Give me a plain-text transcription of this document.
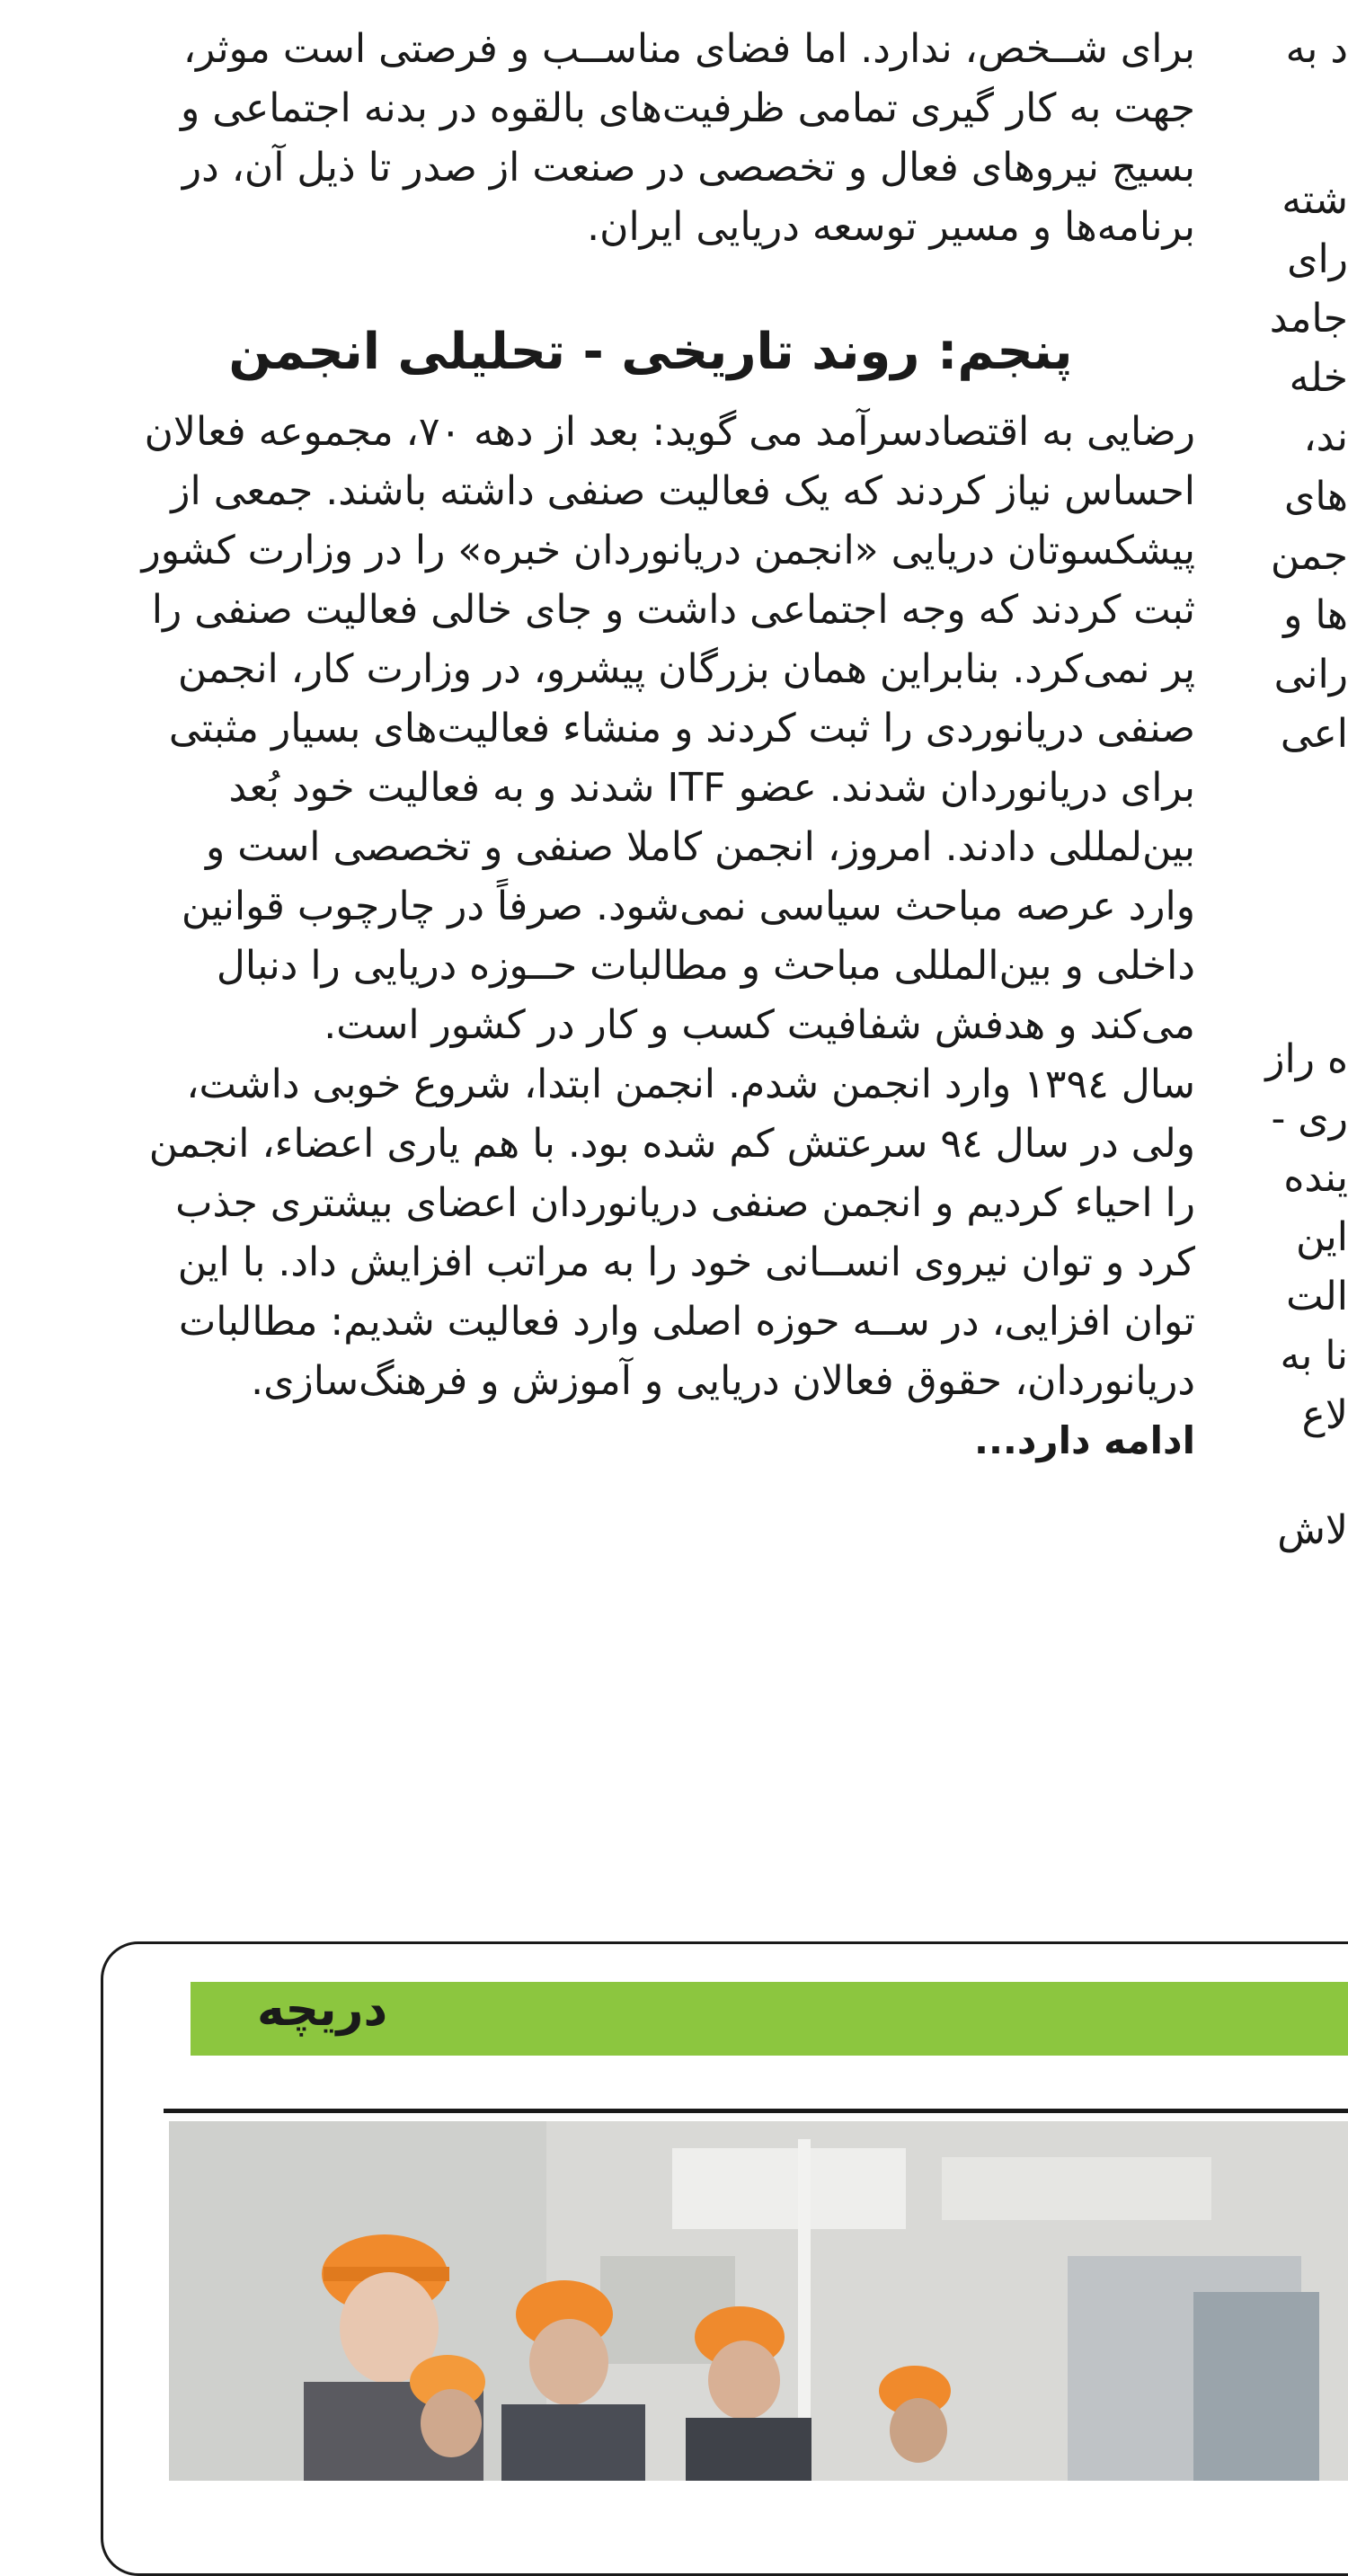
برای شــخص، ندارد. اما فضای مناســب و فرصتی است موثر،
جهت به کار گیری تمامی ظرفیت‌های بالقوه در بدنه اجتماعی و
بسیج نیروهای فعال و تخصصی در صنعت از صدر تا ذیل آن، در
برنامه‌ها و مسیر توسعه دریایی ایران.
پنجم: روند تاریخی - تحلیلی انجمن
رضایی به اقتصادسرآمد می گوید: بعد از دهه ۷۰، مجموعه فعالان
احساس نیاز کردند که یک فعالیت صنفی داشته باشند. جمعی از
پیشکسوتان دریایی «انجمن دریانوردان خبره» را در وزارت کشور
ثبت کردند که وجه اجتماعی داشت و جای خالی فعالیت صنفی را
پر نمی‌کرد. بنابراین همان بزرگان پیشرو، در وزارت کار، انجمن
صنفی دریانوردی را ثبت کردند و منشاء فعالیت‌های بسیار مثبتی
برای دریانوردان شدند. عضو ITF شدند و به فعالیت خود بُعد
بین‌لمللی دادند. امروز، انجمن کاملا صنفی و تخصصی است و
وارد عرصه مباحث سیاسی نمی‌شود. صرفاً در چارچوب قوانین
داخلی و بین‌المللی مباحث و مطالبات حــوزه دریایی را دنبال
می‌کند و هدفش شفافیت کسب و کار در کشور است.
سال ۱۳۹٤ وارد انجمن شدم. انجمن ابتدا، شروع خوبی داشت،
ولی در سال ۹٤ سرعتش کم شده بود. با هم یاری اعضاء، انجمن
را احیاء کردیم و انجمن صنفی دریانوردان اعضای بیشتری جذب
کرد و توان نیروی انســانی خود را به مراتب افزایش داد. با این
توان افزایی، در ســه حوزه اصلی وارد فعالیت شدیم: مطالبات
دریانوردان، حقوق فعالان دریایی و آموزش و فرهنگ‌سازی.
ادامه دارد...
د به
شته
رای
جامد
خله
ند،
های
جمن
ها و
رانی
اعی
ه راز
ری -
ینده
این
الت
نا به
لاع
لاش
دریچه
